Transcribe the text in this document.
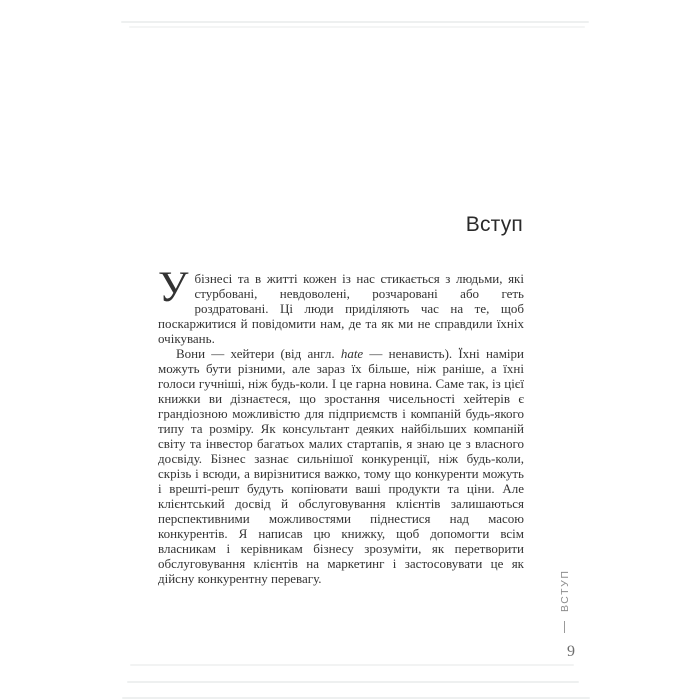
Вступ

Убізнесі та в житті кожен із нас стикається з людьми, які стурбовані, невдоволені, розчаровані або геть роздратовані. Ці люди приділяють час на те, щоб поскаржитися й повідомити нам, де та як ми не справдили їхніх очікувань.

Вони — хейтери (від англ. hate — ненависть). Їхні наміри можуть бути різними, але зараз їх більше, ніж раніше, а їхні голоси гучніші, ніж будь-коли. І це гарна новина. Саме так, із цієї книжки ви дізнаєтеся, що зростання чисельності хейтерів є грандіозною можливістю для підприємств і компаній будь-якого типу та розміру. Як консультант деяких найбільших компаній світу та інвестор багатьох малих стартапів, я знаю це з власного досвіду. Бізнес зазнає сильнішої конкуренції, ніж будь-коли, скрізь і всюди, а вирізнитися важко, тому що конкуренти можуть і врешті-решт будуть копіювати ваші продукти та ціни. Але клієнтський досвід й обслуговування клієнтів залишаються перспективними можливостями піднестися над масою конкурентів. Я написав цю книжку, щоб допомогти всім власникам і керівникам бізнесу зрозуміти, як перетворити обслуговування клієнтів на маркетинг і застосовувати це як дійсну конкурентну перевагу.	ВСТУП
9
